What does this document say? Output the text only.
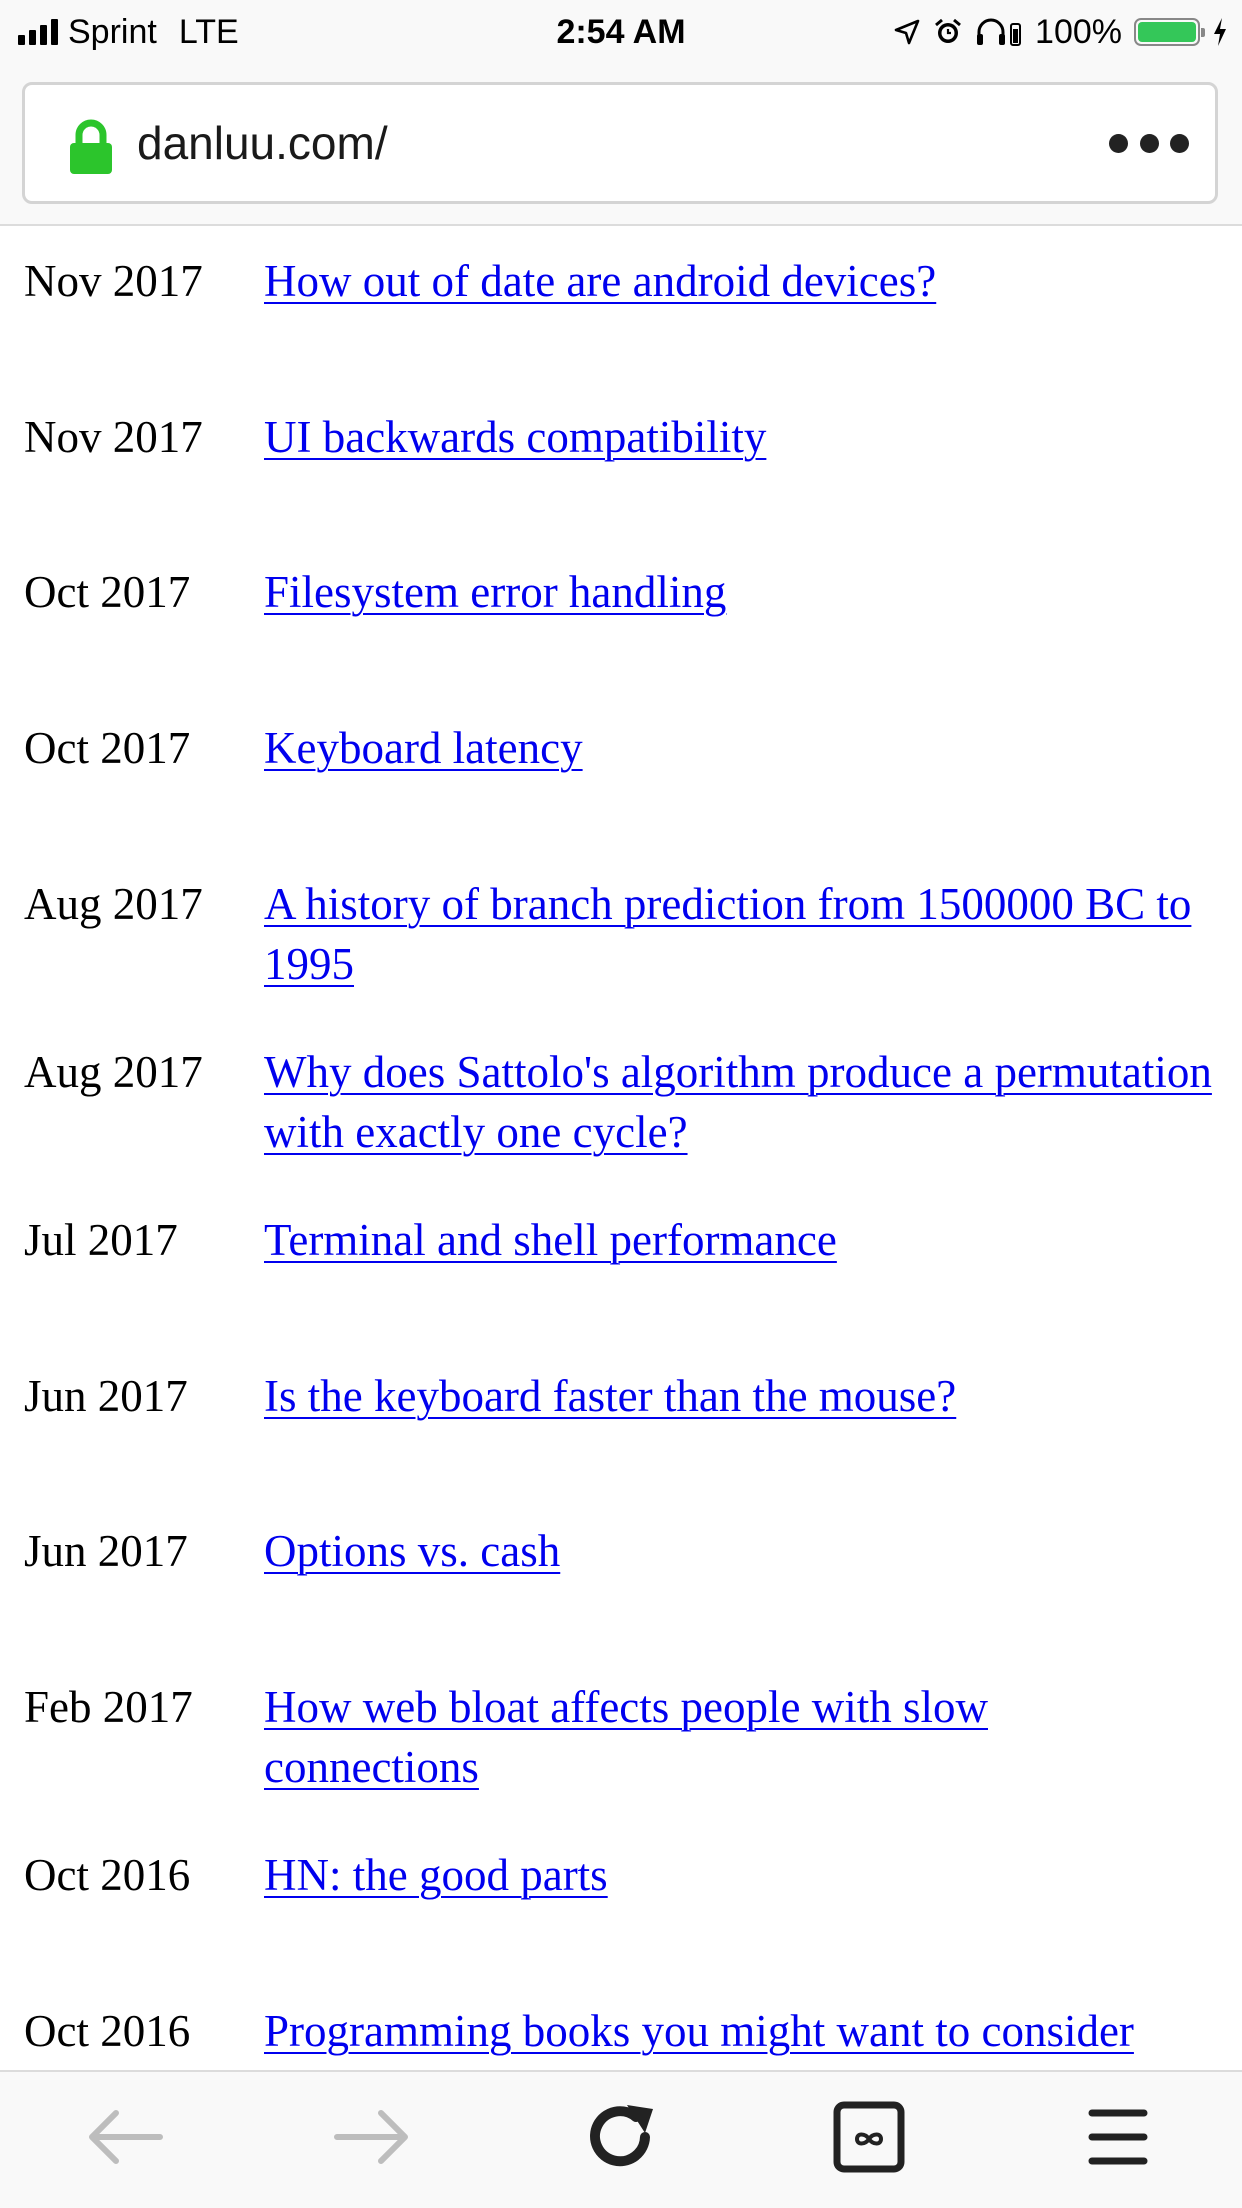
Sprint LTE	2:54 AM	100%
danluu.com/
Nov 2017 How out of date are android devices?
Nov 2017 UI backwards compatibility
Oct 2017 Filesystem error handling
Oct 2017 Keyboard latency
Aug 2017 A history of branch prediction from 1500000 BC to 1995
Aug 2017 Why does Sattolo's algorithm produce a permutation with exactly one cycle?
Jul 2017 Terminal and shell performance
Jun 2017 Is the keyboard faster than the mouse?
Jun 2017 Options vs. cash
Feb 2017 How web bloat affects people with slow connections
Oct 2016 HN: the good parts
Oct 2016 Programming books you might want to consider
